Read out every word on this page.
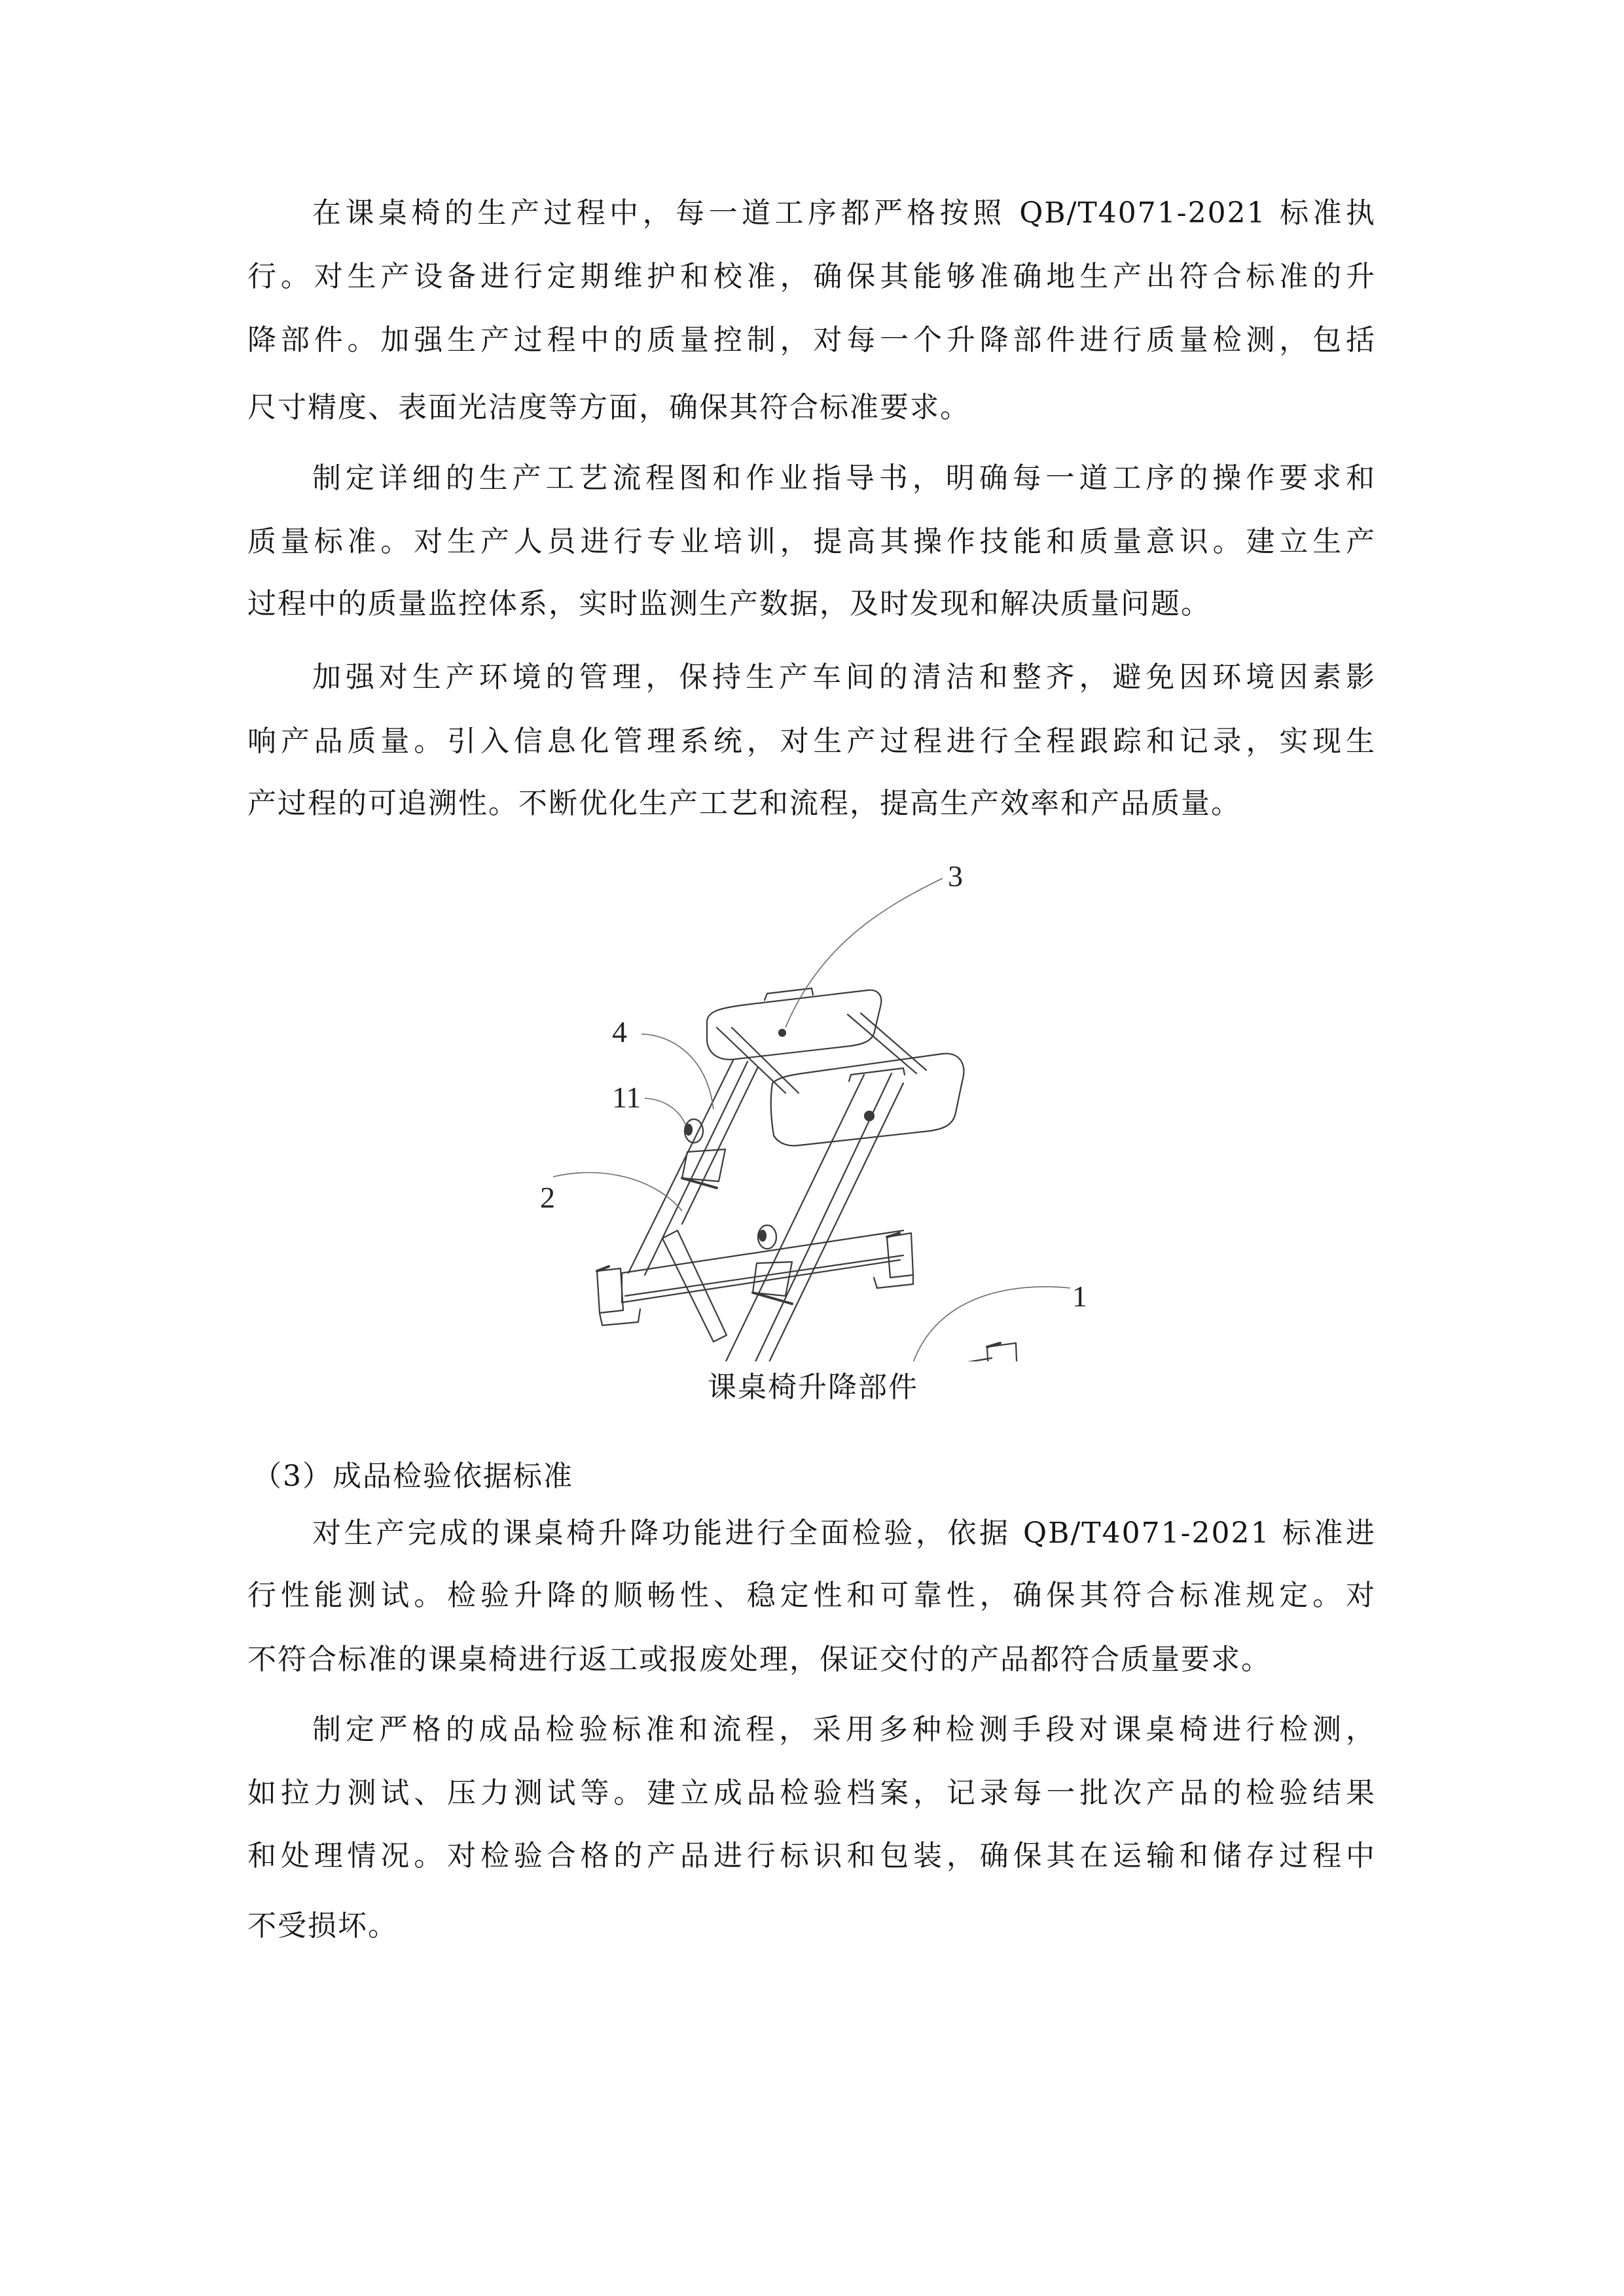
在课桌椅的生产过程中，每一道工序都严格按照 QB/T4071-2021 标准执
行。对生产设备进行定期维护和校准，确保其能够准确地生产出符合标准的升
降部件。加强生产过程中的质量控制，对每一个升降部件进行质量检测，包括
尺寸精度、表面光洁度等方面，确保其符合标准要求。
制定详细的生产工艺流程图和作业指导书，明确每一道工序的操作要求和
质量标准。对生产人员进行专业培训，提高其操作技能和质量意识。建立生产
过程中的质量监控体系，实时监测生产数据，及时发现和解决质量问题。
加强对生产环境的管理，保持生产车间的清洁和整齐，避免因环境因素影
响产品质量。引入信息化管理系统，对生产过程进行全程跟踪和记录，实现生
产过程的可追溯性。不断优化生产工艺和流程，提高生产效率和产品质量。
3
4
11
2
1
课桌椅升降部件
（3）成品检验依据标准
对生产完成的课桌椅升降功能进行全面检验，依据 QB/T4071-2021 标准进
行性能测试。检验升降的顺畅性、稳定性和可靠性，确保其符合标准规定。对
不符合标准的课桌椅进行返工或报废处理，保证交付的产品都符合质量要求。
制定严格的成品检验标准和流程，采用多种检测手段对课桌椅进行检测，
如拉力测试、压力测试等。建立成品检验档案，记录每一批次产品的检验结果
和处理情况。对检验合格的产品进行标识和包装，确保其在运输和储存过程中
不受损坏。
